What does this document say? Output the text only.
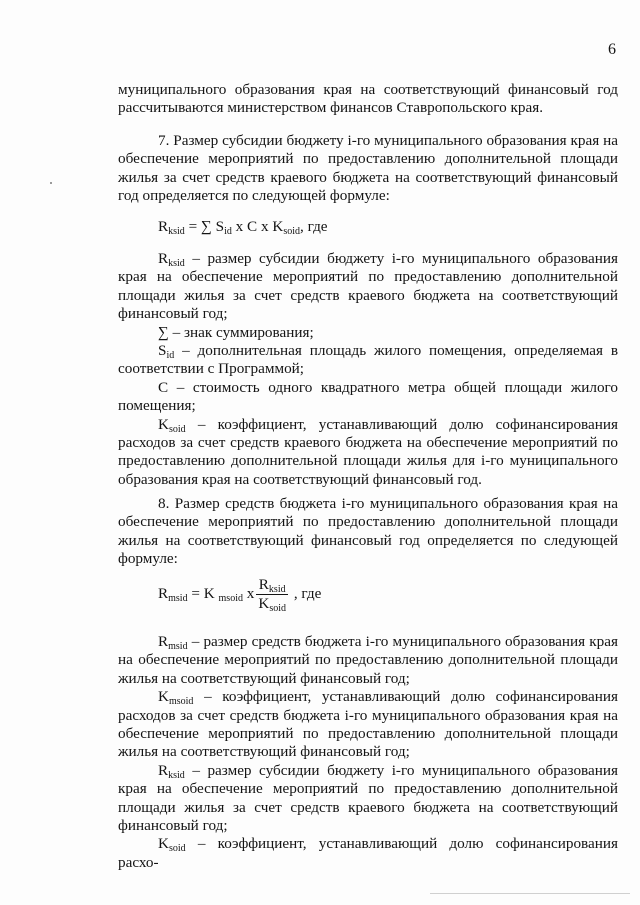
6

муниципального образования края на соответствующий финансовый год рассчитываются министерством финансов Ставропольского края.

7. Размер субсидии бюджету i-го муниципального образования края на обеспечение мероприятий по предоставлению дополнительной площади жилья за счет средств краевого бюджета на соответствующий финансовый год определяется по следующей формуле:

$R_{ksid}$ = ∑ $S_{id}$ x C x $K_{soid}$, где

$R_{ksid}$ – размер субсидии бюджету i-го муниципального образования края на обеспечение мероприятий по предоставлению дополнительной площади жилья за счет средств краевого бюджета на соответствующий финансовый год;

∑ – знак суммирования;

$S_{id}$ – дополнительная площадь жилого помещения, определяемая в соответствии с Программой;

С – стоимость одного квадратного метра общей площади жилого помещения;

$K_{soid}$ – коэффициент, устанавливающий долю софинансирования расходов за счет средств краевого бюджета на обеспечение мероприятий по предоставлению дополнительной площади жилья для i-го муниципального образования края на соответствующий финансовый год.

8. Размер средств бюджета i-го муниципального образования края на обеспечение мероприятий по предоставлению дополнительной площади жилья на соответствующий финансовый год определяется по следующей формуле:

$R_{msid} = K$ $_{msoid}$ x $\frac{R_{ksid}}{K_{soid}}$ , где

$R_{msid}$ – размер средств бюджета i-го муниципального образования края на обеспечение мероприятий по предоставлению дополнительной площади жилья на соответствующий финансовый год;

$K_{msoid}$ – коэффициент, устанавливающий долю софинансирования расходов за счет средств бюджета i-го муниципального образования края на обеспечение мероприятий по предоставлению дополнительной площади жилья на соответствующий финансовый год;

$R_{ksid}$ – размер субсидии бюджету i-го муниципального образования края на обеспечение мероприятий по предоставлению дополнительной площади жилья за счет средств краевого бюджета на соответствующий финансовый год;

$K_{soid}$ – коэффициент, устанавливающий долю софинансирования расхо-
